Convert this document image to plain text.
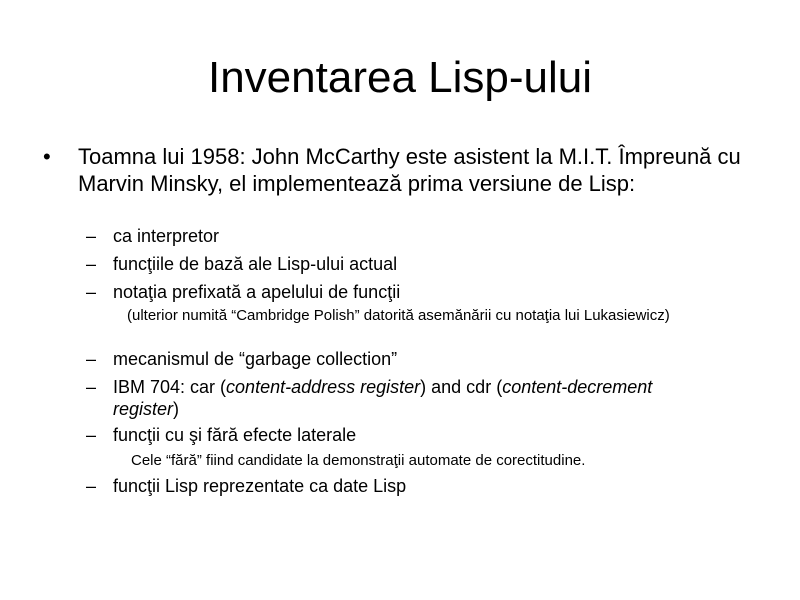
Inventarea Lisp-ului
• Toamna lui 1958: John McCarthy este asistent la M.I.T. Împreună cu Marvin Minsky, el implementează prima versiune de Lisp:

– ca interpretor

– funcţiile de bază ale Lisp-ului actual

– notaţia prefixată a apelului de funcţii

(ulterior numită “Cambridge Polish” datorită asemănării cu notaţia lui Lukasiewicz)

– mecanismul de “garbage collection”

– IBM 704: car (content-address register) and cdr (content-decrement register)

– funcţii cu şi fără efecte laterale

Cele “fără” fiind candidate la demonstraţii automate de corectitudine.

– funcţii Lisp reprezentate ca date Lisp
